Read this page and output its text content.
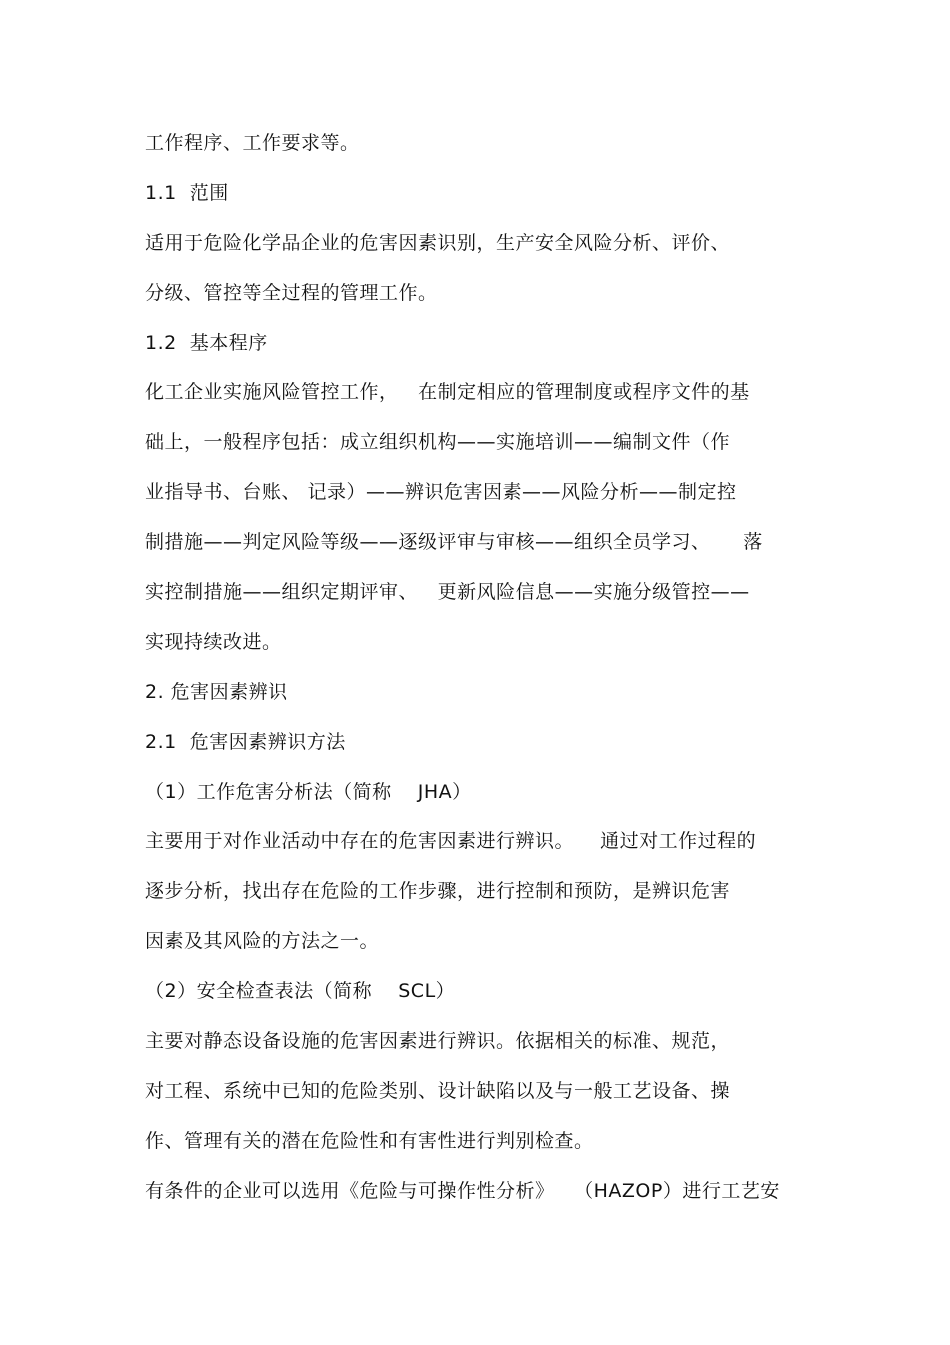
工作程序、工作要求等。
1.1  范围
适用于危险化学品企业的危害因素识别，生产安全风险分析、评价、
分级、管控等全过程的管理工作。
1.2  基本程序
化工企业实施风险管控工作，   在制定相应的管理制度或程序文件的基
础上，一般程序包括：成立组织机构——实施培训——编制文件（作
业指导书、台账、 记录）——辨识危害因素——风险分析——制定控
制措施——判定风险等级——逐级评审与审核——组织全员学习、     落
实控制措施——组织定期评审、   更新风险信息——实施分级管控——
实现持续改进。
2. 危害因素辨识
2.1  危害因素辨识方法
（1）工作危害分析法（简称    JHA）
主要用于对作业活动中存在的危害因素进行辨识。    通过对工作过程的
逐步分析，找出存在危险的工作步骤，进行控制和预防，是辨识危害
因素及其风险的方法之一。
（2）安全检查表法（简称    SCL）
主要对静态设备设施的危害因素进行辨识。依据相关的标准、规范，
对工程、系统中已知的危险类别、设计缺陷以及与一般工艺设备、操
作、管理有关的潜在危险性和有害性进行判别检查。
有条件的企业可以选用《危险与可操作性分析》   （HAZOP）进行工艺安
